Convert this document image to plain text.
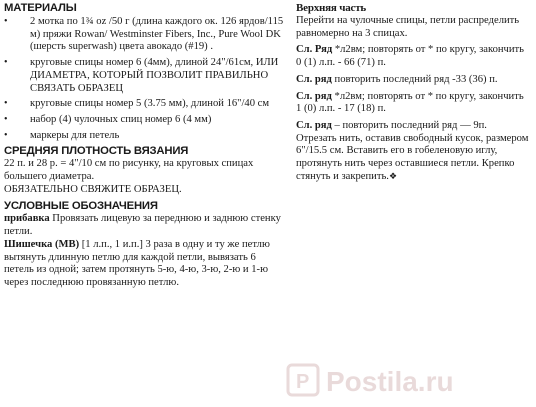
МАТЕРИАЛЫ
• 2 мотка по 1¾ oz /50 г (длина каждого ок. 126 ярдов/115 м) пряжи Rowan/ Westminster Fibers, Inc., Pure Wool DK (шерсть superwash) цвета авокадо (#19) .
• круговые спицы номер 6 (4мм), длиной 24"/61см, ИЛИ ДИАМЕТРА, КОТОРЫЙ ПОЗВОЛИТ ПРАВИЛЬНО СВЯЗАТЬ ОБРАЗЕЦ
• круговые спицы номер 5 (3.75 мм), длиной 16"/40 см
• набор (4) чулочных спиц номер 6 (4 мм)
• маркеры для петель
СРЕДНЯЯ ПЛОТНОСТЬ ВЯЗАНИЯ

22 п. и 28 р. = 4"/10 см по рисунку, на круговых спицах большего диаметра.

ОБЯЗАТЕЛЬНО СВЯЖИТЕ ОБРАЗЕЦ.

УСЛОВНЫЕ ОБОЗНАЧЕНИЯ

прибавка Провязать лицевую за переднюю и заднюю стенку петли.

Шишечка (MB) [1 л.п., 1 и.п.] 3 раза в одну и ту же петлю вытянуть длинную петлю для каждой петли, вывязать 6 петель из одной; затем протянуть 5-ю, 4-ю, 3-ю, 2-ю и 1-ю через последнюю провязанную петлю.

Верхняя часть

Перейти на чулочные спицы, петли распределить равномерно на 3 спицах.

Сл. Ряд *л2вм; повторять от * по кругу, закончить 0 (1) л.п. - 66 (71) п.

Сл. ряд повторить последний ряд -33 (36) п.

Сл. ряд *л2вм; повторять от * по кругу, закончить 1 (0) л.п. - 17 (18) п.

Сл. ряд – повторить последний ряд — 9п. Отрезать нить, оставив свободный кусок, размером 6"/15.5 см. Вставить его в гобеленовую иглу, протянуть нить через оставшиеся петли. Крепко стянуть и закрепить.❖

P Postila.ru
